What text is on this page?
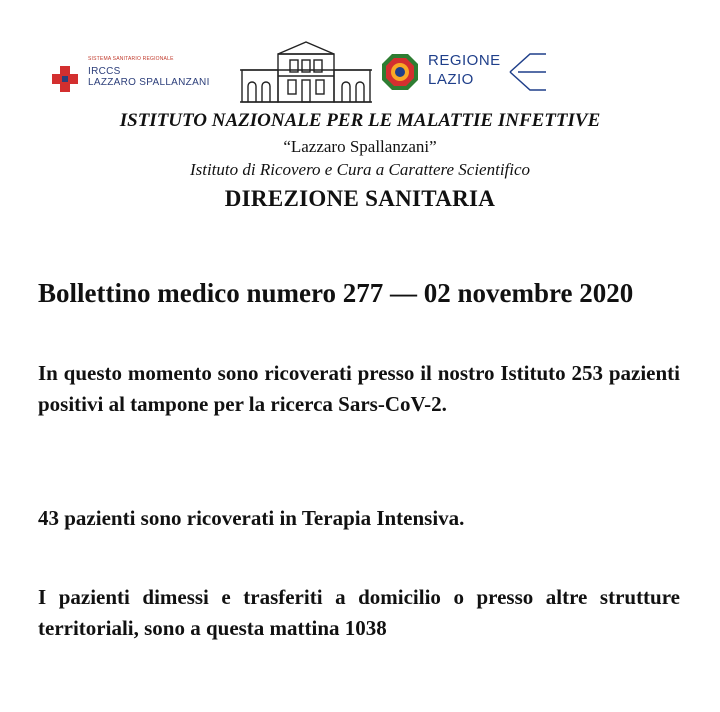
SISTEMA SANITARIO REGIONALE
IRCCS
LAZZARO SPALLANZANI
REGIONE
LAZIO
ISTITUTO NAZIONALE PER LE MALATTIE INFETTIVE
“Lazzaro Spallanzani”
Istituto di Ricovero e Cura a Carattere Scientifico
DIREZIONE SANITARIA
Bollettino medico numero 277 — 02 novembre 2020
In questo momento sono ricoverati presso il nostro Istituto 253 pazienti positivi al tampone per la ricerca Sars-CoV-2.
43 pazienti sono ricoverati in Terapia Intensiva.
I pazienti dimessi e trasferiti a domicilio o presso altre strutture territoriali, sono a questa mattina 1038
